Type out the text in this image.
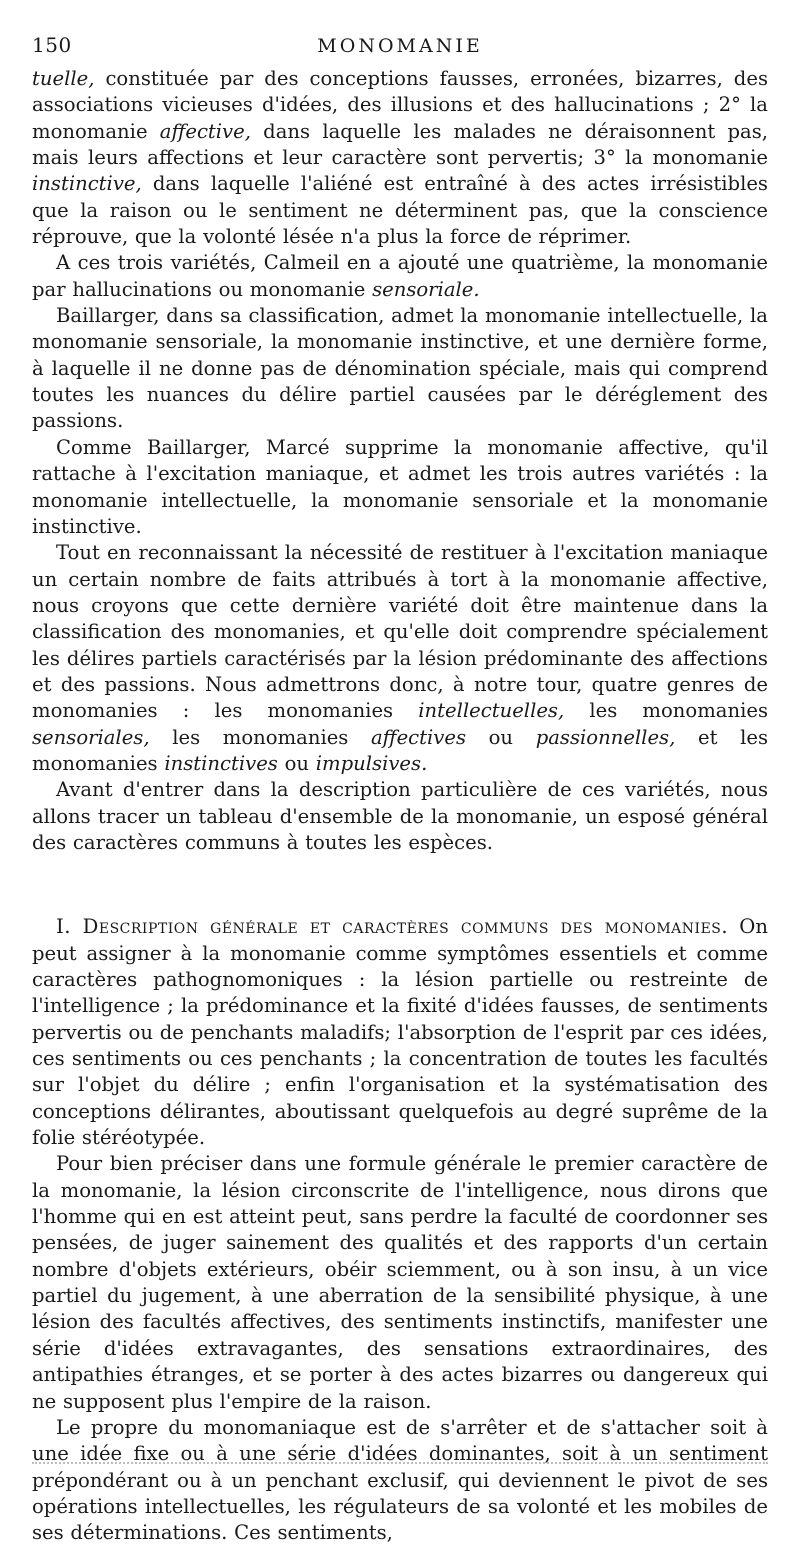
150	MONOMANIE

tuelle, constituée par des conceptions fausses, erronées, bizarres, des associations vicieuses d'idées, des illusions et des hallucinations ; 2° la monomanie affective, dans laquelle les malades ne déraisonnent pas, mais leurs affections et leur caractère sont pervertis; 3° la monomanie instinctive, dans laquelle l'aliéné est entraîné à des actes irrésistibles que la raison ou le sentiment ne déterminent pas, que la conscience réprouve, que la volonté lésée n'a plus la force de réprimer.

A ces trois variétés, Calmeil en a ajouté une quatrième, la monomanie par hallucinations ou monomanie sensoriale.

Baillarger, dans sa classification, admet la monomanie intellectuelle, la monomanie sensoriale, la monomanie instinctive, et une dernière forme, à laquelle il ne donne pas de dénomination spéciale, mais qui comprend toutes les nuances du délire partiel causées par le déréglement des passions.

Comme Baillarger, Marcé supprime la monomanie affective, qu'il rattache à l'excitation maniaque, et admet les trois autres variétés : la monomanie intellectuelle, la monomanie sensoriale et la monomanie instinctive.

Tout en reconnaissant la nécessité de restituer à l'excitation maniaque un certain nombre de faits attribués à tort à la monomanie affective, nous croyons que cette dernière variété doit être maintenue dans la classification des monomanies, et qu'elle doit comprendre spécialement les délires partiels caractérisés par la lésion prédominante des affections et des passions. Nous admettrons donc, à notre tour, quatre genres de monomanies : les monomanies intellectuelles, les monomanies sensoriales, les monomanies affectives ou passionnelles, et les monomanies instinctives ou impulsives.

Avant d'entrer dans la description particulière de ces variétés, nous allons tracer un tableau d'ensemble de la monomanie, un esposé général des caractères communs à toutes les espèces.

I. Description générale et caractères communs des monomanies. On peut assigner à la monomanie comme symptômes essentiels et comme caractères pathognomoniques : la lésion partielle ou restreinte de l'intelligence ; la prédominance et la fixité d'idées fausses, de sentiments pervertis ou de penchants maladifs; l'absorption de l'esprit par ces idées, ces sentiments ou ces penchants ; la concentration de toutes les facultés sur l'objet du délire ; enfin l'organisation et la systématisation des conceptions délirantes, aboutissant quelquefois au degré suprême de la folie stéréotypée.

Pour bien préciser dans une formule générale le premier caractère de la monomanie, la lésion circonscrite de l'intelligence, nous dirons que l'homme qui en est atteint peut, sans perdre la faculté de coordonner ses pensées, de juger sainement des qualités et des rapports d'un certain nombre d'objets extérieurs, obéir sciemment, ou à son insu, à un vice partiel du jugement, à une aberration de la sensibilité physique, à une lésion des facultés affectives, des sentiments instinctifs, manifester une série d'idées extravagantes, des sensations extraordinaires, des antipathies étranges, et se porter à des actes bizarres ou dangereux qui ne supposent plus l'empire de la raison.

Le propre du monomaniaque est de s'arrêter et de s'attacher soit à une idée fixe ou à une série d'idées dominantes, soit à un sentiment prépondérant ou à un penchant exclusif, qui deviennent le pivot de ses opérations intellectuelles, les régulateurs de sa volonté et les mobiles de ses déterminations. Ces sentiments,
